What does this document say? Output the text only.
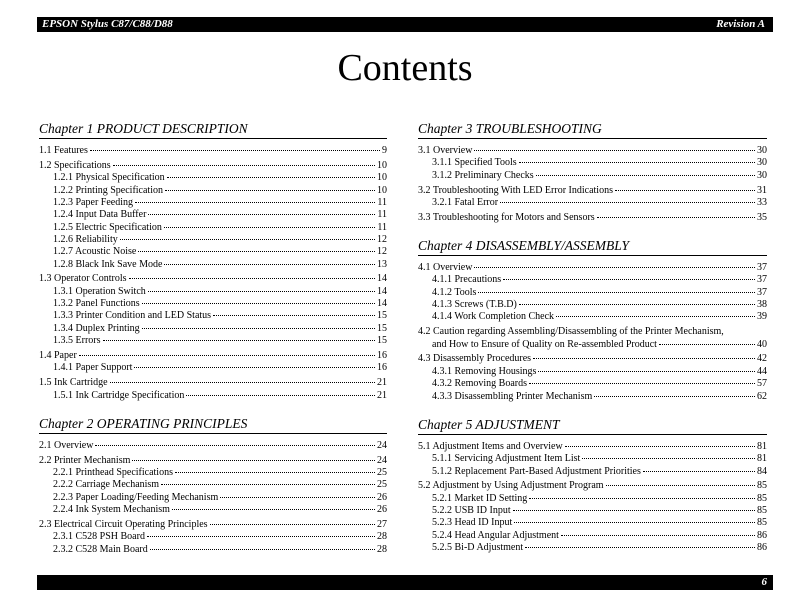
EPSON Stylus C87/C88/D88	Revision A
Contents
Chapter 1 PRODUCT DESCRIPTION
1.1 Features	9
1.2 Specifications	10
1.2.1 Physical Specification	10
1.2.2 Printing Specification	10
1.2.3 Paper Feeding	11
1.2.4 Input Data Buffer	11
1.2.5 Electric Specification	11
1.2.6 Reliability	12
1.2.7 Acoustic Noise	12
1.2.8 Black Ink Save Mode	13
1.3 Operator Controls	14
1.3.1 Operation Switch	14
1.3.2 Panel Functions	14
1.3.3 Printer Condition and LED Status	15
1.3.4 Duplex Printing	15
1.3.5 Errors	15
1.4 Paper	16
1.4.1 Paper Support	16
1.5 Ink Cartridge	21
1.5.1 Ink Cartridge Specification	21
Chapter 2 OPERATING PRINCIPLES
2.1 Overview	24
2.2 Printer Mechanism	24
2.2.1 Printhead Specifications	25
2.2.2 Carriage Mechanism	25
2.2.3 Paper Loading/Feeding Mechanism	26
2.2.4 Ink System Mechanism	26
2.3 Electrical Circuit Operating Principles	27
2.3.1 C528 PSH Board	28
2.3.2 C528 Main Board	28
Chapter 3 TROUBLESHOOTING
3.1 Overview	30
3.1.1 Specified Tools	30
3.1.2 Preliminary Checks	30
3.2 Troubleshooting With LED Error Indications	31
3.2.1 Fatal Error	33
3.3 Troubleshooting for Motors and Sensors	35
Chapter 4 DISASSEMBLY/ASSEMBLY
4.1 Overview	37
4.1.1 Precautions	37
4.1.2 Tools	37
4.1.3 Screws (T.B.D)	38
4.1.4 Work Completion Check	39
4.2 Caution regarding Assembling/Disassembling of the Printer Mechanism,
and How to Ensure of Quality on Re-assembled Product	40
4.3 Disassembly Procedures	42
4.3.1 Removing Housings	44
4.3.2 Removing Boards	57
4.3.3 Disassembling Printer Mechanism	62
Chapter 5 ADJUSTMENT
5.1 Adjustment Items and Overview	81
5.1.1 Servicing Adjustment Item List	81
5.1.2 Replacement Part-Based Adjustment Priorities	84
5.2 Adjustment by Using Adjustment Program	85
5.2.1 Market ID Setting	85
5.2.2 USB ID Input	85
5.2.3 Head ID Input	85
5.2.4 Head Angular Adjustment	86
5.2.5 Bi-D Adjustment	86
6
